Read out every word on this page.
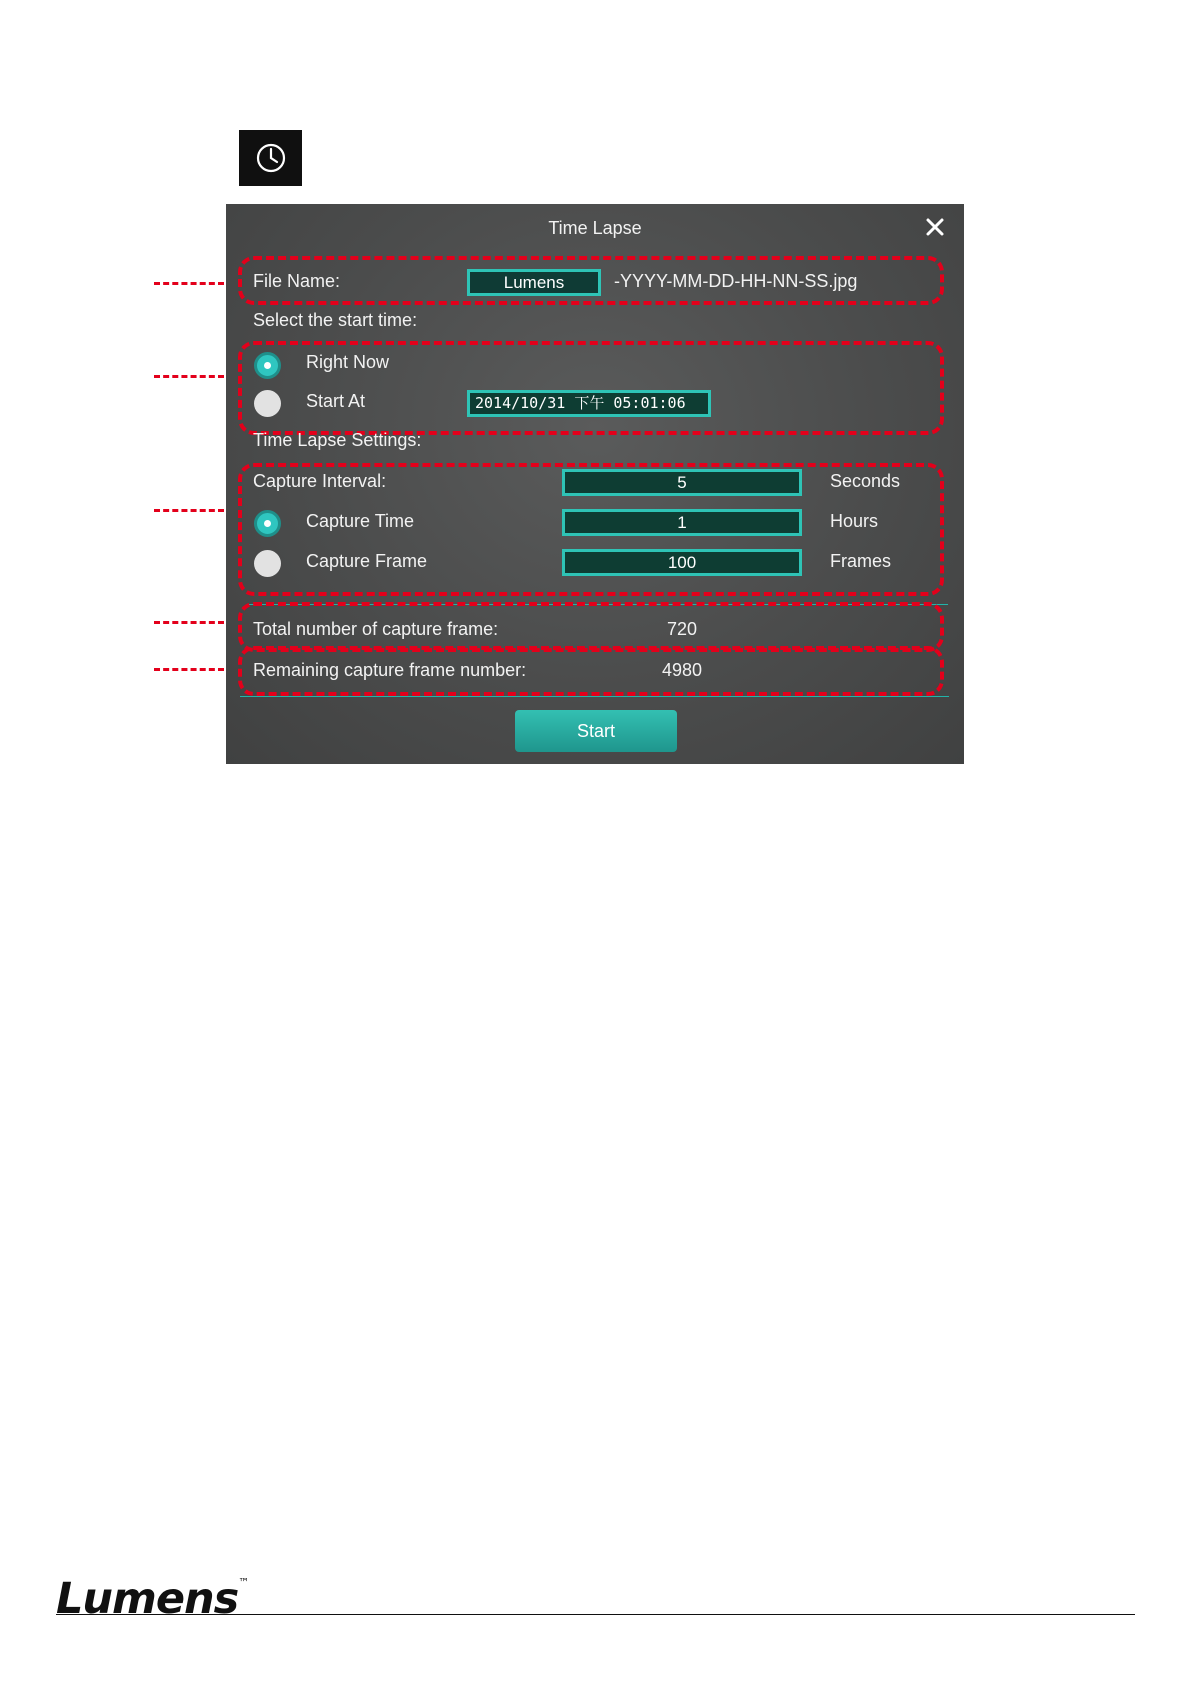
Time Lapse
File Name:	Lumens	-YYYY-MM-DD-HH-NN-SS.jpg
Select the start time:
Right Now
Start At	2014/10/31 下午 05:01:06
Time Lapse Settings:
Capture Interval:	5	Seconds
Capture Time	1	Hours
Capture Frame	100	Frames
Total number of capture frame:	720
Remaining capture frame number:	4980
Start
Lumens™
